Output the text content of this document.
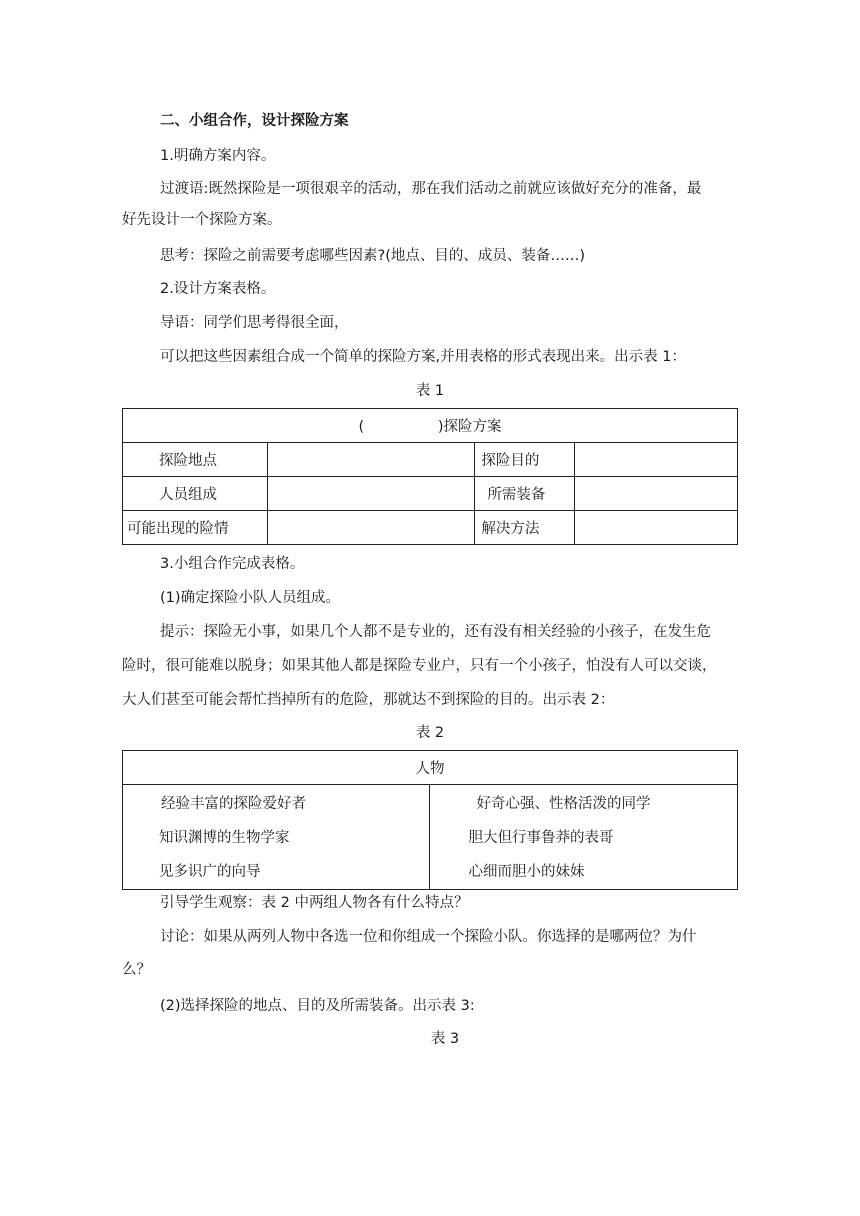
二、小组合作，设计探险方案
1.明确方案内容。
过渡语:既然探险是一项很艰辛的活动，那在我们活动之前就应该做好充分的准备，最
好先设计一个探险方案。
思考：探险之前需要考虑哪些因素?(地点、目的、成员、装备……)
2.设计方案表格。
导语：同学们思考得很全面，
可以把这些因素组合成一个简单的探险方案,并用表格的形式表现出来。出示表 1：
表 1
(                )探险方案			
探险地点		探险目的	
人员组成		所需装备	
可能出现的险情		解决方法	
3.小组合作完成表格。
(1)确定探险小队人员组成。
提示：探险无小事，如果几个人都不是专业的，还有没有相关经验的小孩子，在发生危
险时，很可能难以脱身；如果其他人都是探险专业户，只有一个小孩子，怕没有人可以交谈，
大人们甚至可能会帮忙挡掉所有的危险，那就达不到探险的目的。出示表 2：
表 2
人物

经验丰富的探险爱好者
知识渊博的生物学家
见多识广的向导

好奇心强、性格活泼的同学
胆大但行事鲁莽的表哥
心细而胆小的妹妹
引导学生观察：表 2 中两组人物各有什么特点？
讨论：如果从两列人物中各选一位和你组成一个探险小队。你选择的是哪两位？为什
么？
(2)选择探险的地点、目的及所需装备。出示表 3:
表 3
